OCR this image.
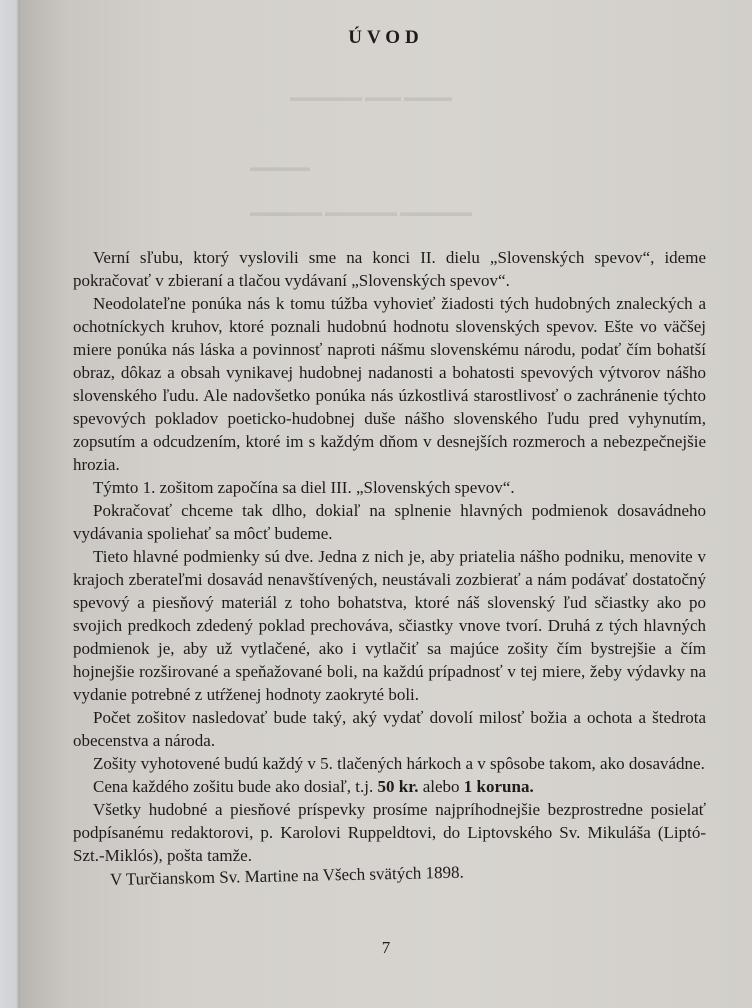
▬▬▬▬▬▬ ▬▬▬ ▬▬▬▬
▬▬▬▬▬
▬▬▬▬▬▬ ▬▬▬▬▬▬ ▬▬▬▬▬▬
ÚVOD

Verní sľubu, ktorý vyslovili sme na konci II. dielu „Slovenských spevov“, ideme pokračovať v zbieraní a tlačou vydávaní „Slovenských spevov“.

Neodolateľne ponúka nás k tomu túžba vyhovieť žiadosti tých hudobných znaleckých a ochotníckych kruhov, ktoré poznali hudobnú hodnotu slovenských spevov. Ešte vo väčšej miere ponúka nás láska a povinnosť naproti nášmu slovenskému národu, podať čím bohatší obraz, dôkaz a obsah vynikavej hudobnej nadanosti a bohatosti spevových výtvorov nášho slovenského ľudu. Ale nadovšetko ponúka nás úzkostlivá starostlivosť o zachránenie týchto spevových pokladov poeticko-hudobnej duše nášho slovenského ľudu pred vyhynutím, zopsutím a odcudzením, ktoré im s každým dňom v desnejších rozmeroch a nebezpečnejšie hrozia.

Týmto 1. zošitom započína sa diel III. „Slovenských spevov“.

Pokračovať chceme tak dlho, dokiaľ na splnenie hlavných podmienok dosavádneho vydávania spoliehať sa môcť budeme.

Tieto hlavné podmienky sú dve. Jedna z nich je, aby priatelia nášho podniku, menovite v krajoch zberateľmi dosavád nenavštívených, neustávali zozbierať a nám podávať dostatočný spevový a piesňový materiál z toho bohatstva, ktoré náš slovenský ľud sčiastky ako po svojich predkoch zdedený poklad prechováva, sčiastky vnove tvorí. Druhá z tých hlavných podmienok je, aby už vytlačené, ako i vytlačiť sa majúce zošity čím bystrejšie a čím hojnejšie rozširované a speňažované boli, na každú prípadnosť v tej miere, žeby výdavky na vydanie potrebné z utŕženej hodnoty zaokryté boli.

Počet zošitov nasledovať bude taký, aký vydať dovolí milosť božia a ochota a štedrota obecenstva a národa.

Zošity vyhotovené budú každý v 5. tlačených hárkoch a v spôsobe takom, ako dosavádne.

Cena každého zošitu bude ako dosiaľ, t.j. 50 kr. alebo 1 koruna.

Všetky hudobné a piesňové príspevky prosíme najpríhodnejšie bezprostredne posielať podpísanému redaktorovi, p. Karolovi Ruppeldtovi, do Liptovského Sv. Mikuláša (Liptó-Szt.-Miklós), pošta tamže.

V Turčianskom Sv. Martine na Všech svätých 1898.
7
